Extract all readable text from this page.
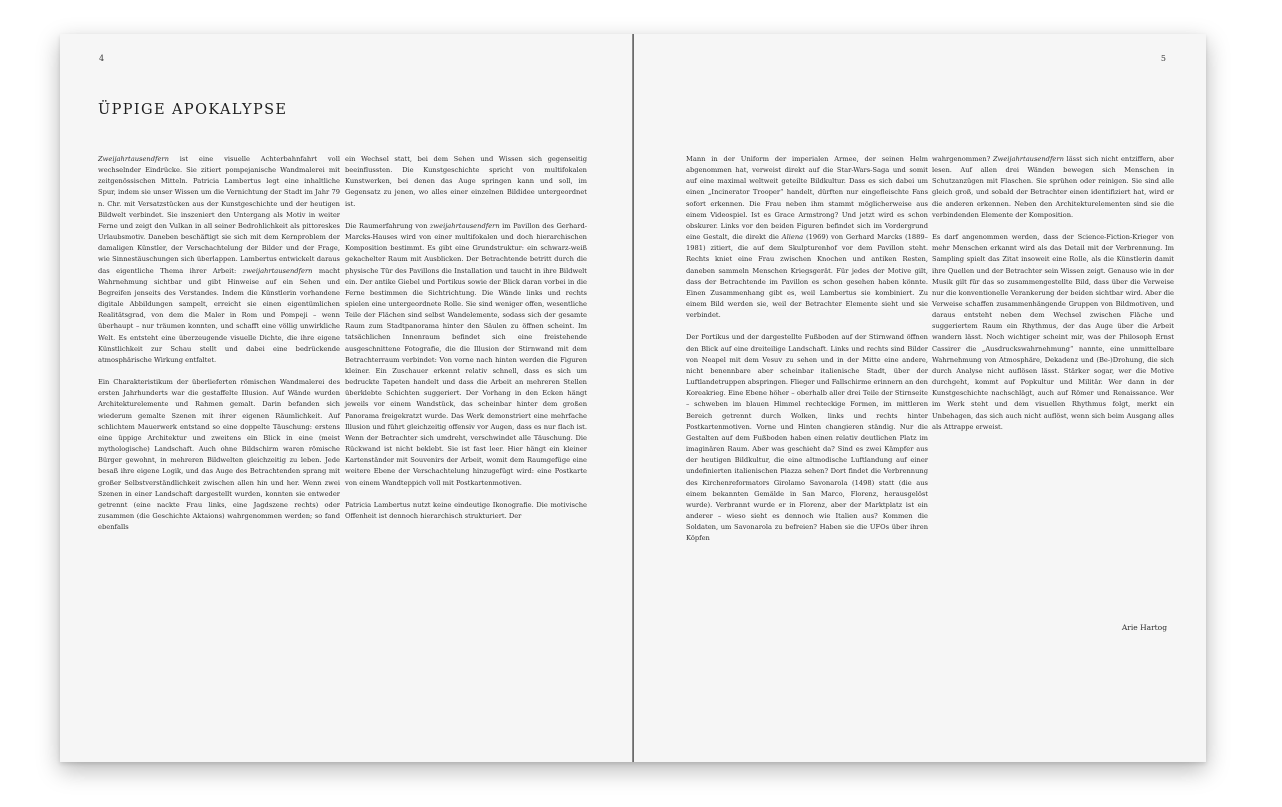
4
ÜPPIGE APOKALYPSE

Zweijahrtausendfern ist eine visuelle Achterbahnfahrt voll wechselnder Eindrücke. Sie zitiert pompejanische Wandmalerei mit zeitgenössischen Mitteln. Patricia Lambertus legt eine inhaltliche Spur, indem sie unser Wissen um die Vernichtung der Stadt im Jahr 79 n. Chr. mit Versatzstücken aus der Kunstgeschichte und der heutigen Bildwelt verbindet. Sie inszeniert den Untergang als Motiv in weiter Ferne und zeigt den Vulkan in all seiner Bedrohlichkeit als pittoreskes Urlaubsmotiv. Daneben beschäftigt sie sich mit dem Kernproblem der damaligen Künstler, der Verschachtelung der Bilder und der Frage, wie Sinnestäuschungen sich überlappen. Lambertus entwickelt daraus das eigentliche Thema ihrer Arbeit: zweijahrtausendfern macht Wahrnehmung sichtbar und gibt Hinweise auf ein Sehen und Begreifen jenseits des Verstandes. Indem die Künstlerin vorhandene digitale Abbildungen sampelt, erreicht sie einen eigentümlichen Realitätsgrad, von dem die Maler in Rom und Pompeji – wenn überhaupt – nur träumen konnten, und schafft eine völlig unwirkliche Welt. Es entsteht eine überzeugende visuelle Dichte, die ihre eigene Künstlichkeit zur Schau stellt und dabei eine bedrückende atmosphärische Wirkung entfaltet.

Ein Charakteristikum der überlieferten römischen Wandmalerei des ersten Jahrhunderts war die gestaffelte Illusion. Auf Wände wurden Architekturelemente und Rahmen gemalt. Darin befanden sich wiederum gemalte Szenen mit ihrer eigenen Räumlichkeit. Auf schlichtem Mauerwerk entstand so eine doppelte Täuschung: erstens eine üppige Architektur und zweitens ein Blick in eine (meist mythologische) Landschaft. Auch ohne Bildschirm waren römische Bürger gewohnt, in mehreren Bildwelten gleichzeitig zu leben. Jede besaß ihre eigene Logik, und das Auge des Betrachtenden sprang mit großer Selbstverständlichkeit zwischen allen hin und her. Wenn zwei Szenen in einer Landschaft dargestellt wurden, konnten sie entweder getrennt (eine nackte Frau links, eine Jagdszene rechts) oder zusammen (die Geschichte Aktaions) wahrgenommen werden; so fand ebenfalls

ein Wechsel statt, bei dem Sehen und Wissen sich gegenseitig beeinflussten. Die Kunstgeschichte spricht von multifokalen Kunstwerken, bei denen das Auge springen kann und soll, im Gegensatz zu jenen, wo alles einer einzelnen Bildidee untergeordnet ist.

Die Raumerfahrung von zweijahrtausendfern im Pavillon des Gerhard-Marcks-Hauses wird von einer multifokalen und doch hierarchischen Komposition bestimmt. Es gibt eine Grundstruktur: ein schwarz-weiß gekachelter Raum mit Ausblicken. Der Betrachtende betritt durch die physische Tür des Pavillons die Installation und taucht in ihre Bildwelt ein. Der antike Giebel und Portikus sowie der Blick daran vorbei in die Ferne bestimmen die Sichtrichtung. Die Wände links und rechts spielen eine untergeordnete Rolle. Sie sind weniger offen, wesentliche Teile der Flächen sind selbst Wandelemente, sodass sich der gesamte Raum zum Stadtpanorama hinter den Säulen zu öffnen scheint. Im tatsächlichen Innenraum befindet sich eine freistehende ausgeschnittene Fotografie, die die Illusion der Stirnwand mit dem Betrachterraum verbindet: Von vorne nach hinten werden die Figuren kleiner. Ein Zuschauer erkennt relativ schnell, dass es sich um bedruckte Tapeten handelt und dass die Arbeit an mehreren Stellen überklebte Schichten suggeriert. Der Vorhang in den Ecken hängt jeweils vor einem Wandstück, das scheinbar hinter dem großen Panorama freigekratzt wurde. Das Werk demonstriert eine mehrfache Illusion und führt gleichzeitig offensiv vor Augen, dass es nur flach ist. Wenn der Betrachter sich umdreht, verschwindet alle Täuschung. Die Rückwand ist nicht beklebt. Sie ist fast leer. Hier hängt ein kleiner Kartenständer mit Souvenirs der Arbeit, womit dem Raumgefüge eine weitere Ebene der Verschachtelung hinzugefügt wird: eine Postkarte von einem Wandteppich voll mit Postkartenmotiven.

Patricia Lambertus nutzt keine eindeutige Ikonografie. Die motivische Offenheit ist dennoch hierarchisch strukturiert. Der

5

Mann in der Uniform der imperialen Armee, der seinen Helm abgenommen hat, verweist direkt auf die Star-Wars-Saga und somit auf eine maximal weltweit geteilte Bildkultur. Dass es sich dabei um einen „Incinerator Trooper“ handelt, dürften nur eingefleischte Fans sofort erkennen. Die Frau neben ihm stammt möglicherweise aus einem Videospiel. Ist es Grace Armstrong? Und jetzt wird es schon obskurer. Links vor den beiden Figuren befindet sich im Vordergrund eine Gestalt, die direkt die Aliena (1969) von Gerhard Marcks (1889–1981) zitiert, die auf dem Skulpturenhof vor dem Pavillon steht. Rechts kniet eine Frau zwischen Knochen und antiken Resten, daneben sammeln Menschen Kriegsgerät. Für jedes der Motive gilt, dass der Betrachtende im Pavillon es schon gesehen haben könnte. Einen Zusammenhang gibt es, weil Lambertus sie kombiniert. Zu einem Bild werden sie, weil der Betrachter Elemente sieht und sie verbindet.

Der Portikus und der dargestellte Fußboden auf der Stirnwand öffnen den Blick auf eine dreiteilige Landschaft. Links und rechts sind Bilder von Neapel mit dem Vesuv zu sehen und in der Mitte eine andere, nicht benennbare aber scheinbar italienische Stadt, über der Luftlandetruppen abspringen. Flieger und Fallschirme erinnern an den Koreakrieg. Eine Ebene höher – oberhalb aller drei Teile der Stirnseite – schweben im blauen Himmel rechteckige Formen, im mittleren Bereich getrennt durch Wolken, links und rechts hinter Postkartenmotiven. Vorne und Hinten changieren ständig. Nur die Gestalten auf dem Fußboden haben einen relativ deutlichen Platz im imaginären Raum. Aber was geschieht da? Sind es zwei Kämpfer aus der heutigen Bildkultur, die eine altmodische Luftlandung auf einer undefinierten italienischen Piazza sehen? Dort findet die Verbrennung des Kirchenreformators Girolamo Savonarola (1498) statt (die aus einem bekannten Gemälde in San Marco, Florenz, herausgelöst wurde). Verbrannt wurde er in Florenz, aber der Marktplatz ist ein anderer – wieso sieht es dennoch wie Italien aus? Kommen die Soldaten, um Savonarola zu befreien? Haben sie die UFOs über ihren Köpfen

wahrgenommen? Zweijahrtausendfern lässt sich nicht entziffern, aber lesen. Auf allen drei Wänden bewegen sich Menschen in Schutzanzügen mit Flaschen. Sie sprühen oder reinigen. Sie sind alle gleich groß, und sobald der Betrachter einen identifiziert hat, wird er die anderen erkennen. Neben den Architekturelementen sind sie die verbindenden Elemente der Komposition.

Es darf angenommen werden, dass der Science-Fiction-Krieger von mehr Menschen erkannt wird als das Detail mit der Verbrennung. Im Sampling spielt das Zitat insoweit eine Rolle, als die Künstlerin damit ihre Quellen und der Betrachter sein Wissen zeigt. Genauso wie in der Musik gilt für das so zusammengestellte Bild, dass über die Verweise nur die konventionelle Verankerung der beiden sichtbar wird. Aber die Verweise schaffen zusammenhängende Gruppen von Bildmotiven, und daraus entsteht neben dem Wechsel zwischen Fläche und suggeriertem Raum ein Rhythmus, der das Auge über die Arbeit wandern lässt. Noch wichtiger scheint mir, was der Philosoph Ernst Cassirer die „Ausdruckswahrnehmung“ nannte, eine unmittelbare Wahrnehmung von Atmosphäre, Dekadenz und (Be-)Drohung, die sich durch Analyse nicht auflösen lässt. Stärker sogar, wer die Motive durchgeht, kommt auf Popkultur und Militär. Wer dann in der Kunstgeschichte nachschlägt, auch auf Römer und Renaissance. Wer im Werk steht und dem visuellen Rhythmus folgt, merkt ein Unbehagen, das sich auch nicht auflöst, wenn sich beim Ausgang alles als Attrappe erweist.

Arie Hartog
